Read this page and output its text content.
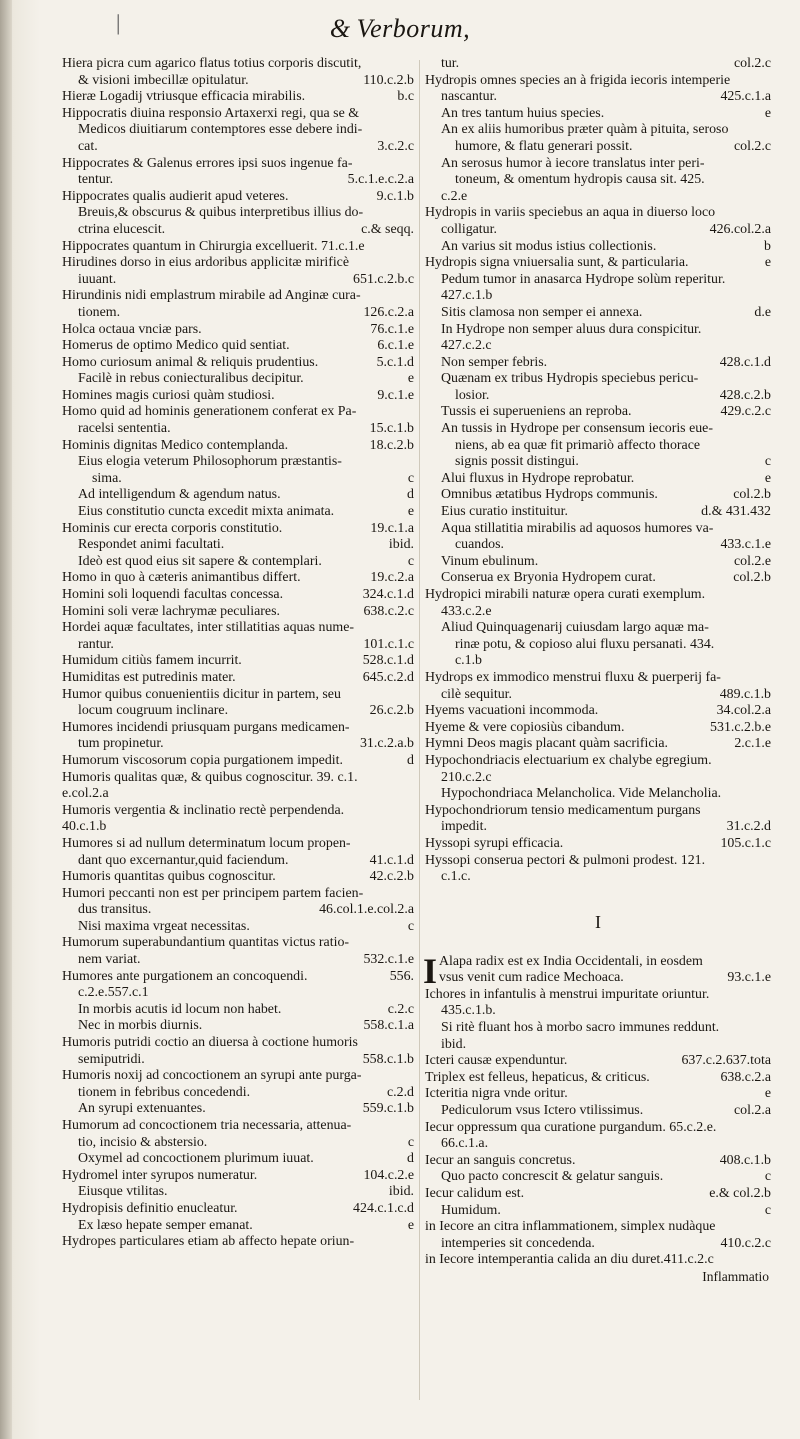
|	& Verborum,
Hiera picra cum agarico flatus totius corporis discutit,
& visioni imbecillæ opitulatur.	110.c.2.b
Hieræ Logadij vtriusque efficacia mirabilis.	b.c
Hippocratis diuina responsio Artaxerxi regi, qua se &
Medicos diuitiarum contemptores esse debere indi-
cat.	3.c.2.c
Hippocrates & Galenus errores ipsi suos ingenue fa-
tentur.	5.c.1.e.c.2.a
Hippocrates qualis audierit apud veteres.	9.c.1.b
Breuis,& obscurus & quibus interpretibus illius do-
ctrina elucescit.	c.& seqq.
Hippocrates quantum in Chirurgia excelluerit. 71.c.1.e
Hirudines dorso in eius ardoribus applicitæ mirificè
iuuant.	651.c.2.b.c
Hirundinis nidi emplastrum mirabile ad Anginæ cura-
tionem.	126.c.2.a
Holca octaua vnciæ pars.	76.c.1.e
Homerus de optimo Medico quid sentiat.	6.c.1.e
Homo curiosum animal & reliquis prudentius.	5.c.1.d
Facilè in rebus coniecturalibus decipitur.	e
Homines magis curiosi quàm studiosi.	9.c.1.e
Homo quid ad hominis generationem conferat ex Pa-
racelsi sententia.	15.c.1.b
Hominis dignitas Medico contemplanda.	18.c.2.b
Eius elogia veterum Philosophorum præstantis-
sima.	c
Ad intelligendum & agendum natus.	d
Eius constitutio cuncta excedit mixta animata.	e
Hominis cur erecta corporis constitutio.	19.c.1.a
Respondet animi facultati.	ibid.
Ideò est quod eius sit sapere & contemplari.	c
Homo in quo à cæteris animantibus differt.	19.c.2.a
Homini soli loquendi facultas concessa.	324.c.1.d
Homini soli veræ lachrymæ peculiares.	638.c.2.c
Hordei aquæ facultates, inter stillatitias aquas nume-
rantur.	101.c.1.c
Humidum citiùs famem incurrit.	528.c.1.d
Humiditas est putredinis mater.	645.c.2.d
Humor quibus conuenientiis dicitur in partem, seu
locum cougruum inclinare.	26.c.2.b
Humores incidendi priusquam purgans medicamen-
tum propinetur.	31.c.2.a.b
Humorum viscosorum copia purgationem impedit.	d
Humoris qualitas quæ, & quibus cognoscitur. 39. c.1.
e.col.2.a
Humoris vergentia & inclinatio rectè perpendenda.
40.c.1.b
Humores si ad nullum determinatum locum propen-
dant quo excernantur,quid faciendum.	41.c.1.d
Humoris quantitas quibus cognoscitur.	42.c.2.b
Humori peccanti non est per principem partem facien-
dus transitus.	46.col.1.e.col.2.a
Nisi maxima vrgeat necessitas.	c
Humorum superabundantium quantitas victus ratio-
nem variat.	532.c.1.e
Humores ante purgationem an concoquendi.	556.
c.2.e.557.c.1
In morbis acutis id locum non habet.	c.2.c
Nec in morbis diurnis.	558.c.1.a
Humoris putridi coctio an diuersa à coctione humoris
semiputridi.	558.c.1.b
Humoris noxij ad concoctionem an syrupi ante purga-
tionem in febribus concedendi.	c.2.d
An syrupi extenuantes.	559.c.1.b
Humorum ad concoctionem tria necessaria, attenua-
tio, incisio & abstersio.	c
Oxymel ad concoctionem plurimum iuuat.	d
Hydromel inter syrupos numeratur.	104.c.2.e
Eiusque vtilitas.	ibid.
Hydropisis definitio enucleatur.	424.c.1.c.d
Ex læso hepate semper emanat.	e
Hydropes particulares etiam ab affecto hepate oriun-
tur.	col.2.c
Hydropis omnes species an à frigida iecoris intemperie
nascantur.	425.c.1.a
An tres tantum huius species.	e
An ex aliis humoribus præter quàm à pituita, seroso
humore, & flatu generari possit.	col.2.c
An serosus humor à iecore translatus inter peri-
toneum, & omentum hydropis causa sit. 425.
c.2.e
Hydropis in variis speciebus an aqua in diuerso loco
colligatur.	426.col.2.a
An varius sit modus istius collectionis.	b
Hydropis signa vniuersalia sunt, & particularia.	e
Pedum tumor in anasarca Hydrope solùm reperitur.
427.c.1.b
Sitis clamosa non semper ei annexa.	d.e
In Hydrope non semper aluus dura conspicitur.
427.c.2.c
Non semper febris.	428.c.1.d
Quænam ex tribus Hydropis speciebus pericu-
losior.	428.c.2.b
Tussis ei superueniens an reproba.	429.c.2.c
An tussis in Hydrope per consensum iecoris eue-
niens, ab ea quæ fit primariò affecto thorace
signis possit distingui.	c
Alui fluxus in Hydrope reprobatur.	e
Omnibus ætatibus Hydrops communis.	col.2.b
Eius curatio instituitur.	d.& 431.432
Aqua stillatitia mirabilis ad aquosos humores va-
cuandos.	433.c.1.e
Vinum ebulinum.	col.2.e
Conserua ex Bryonia Hydropem curat.	col.2.b
Hydropici mirabili naturæ opera curati exemplum.
433.c.2.e
Aliud Quinquagenarij cuiusdam largo aquæ ma-
rinæ potu, & copioso alui fluxu persanati. 434.
c.1.b
Hydrops ex immodico menstrui fluxu & puerperij fa-
cilè sequitur.	489.c.1.b
Hyems vacuationi incommoda.	34.col.2.a
Hyeme & vere copiosiùs cibandum.	531.c.2.b.e
Hymni Deos magis placant quàm sacrificia.	2.c.1.e
Hypochondriacis electuarium ex chalybe egregium.
210.c.2.c
Hypochondriaca Melancholica. Vide Melancholia.
Hypochondriorum tensio medicamentum purgans
impedit.	31.c.2.d
Hyssopi syrupi efficacia.	105.c.1.c
Hyssopi conserua pectori & pulmoni prodest. 121.
c.1.c.
I
I Alapa radix est ex India Occidentali, in eosdem
vsus venit cum radice Mechoaca.	93.c.1.e
Ichores in infantulis à menstrui impuritate oriuntur.
435.c.1.b.
Si ritè fluant hos à morbo sacro immunes reddunt.
ibid.
Icteri causæ expenduntur.	637.c.2.637.tota
Triplex est felleus, hepaticus, & criticus.	638.c.2.a
Icteritia nigra vnde oritur.	e
Pediculorum vsus Ictero vtilissimus.	col.2.a
Iecur oppressum qua curatione purgandum. 65.c.2.e.
66.c.1.a.
Iecur an sanguis concretus.	408.c.1.b
Quo pacto concrescit & gelatur sanguis.	c
Iecur calidum est.	e.& col.2.b
Humidum.	c
in Iecore an citra inflammationem, simplex nudàque
intemperies sit concedenda.	410.c.2.c
in Iecore intemperantia calida an diu duret.411.c.2.c
Inflammatio
